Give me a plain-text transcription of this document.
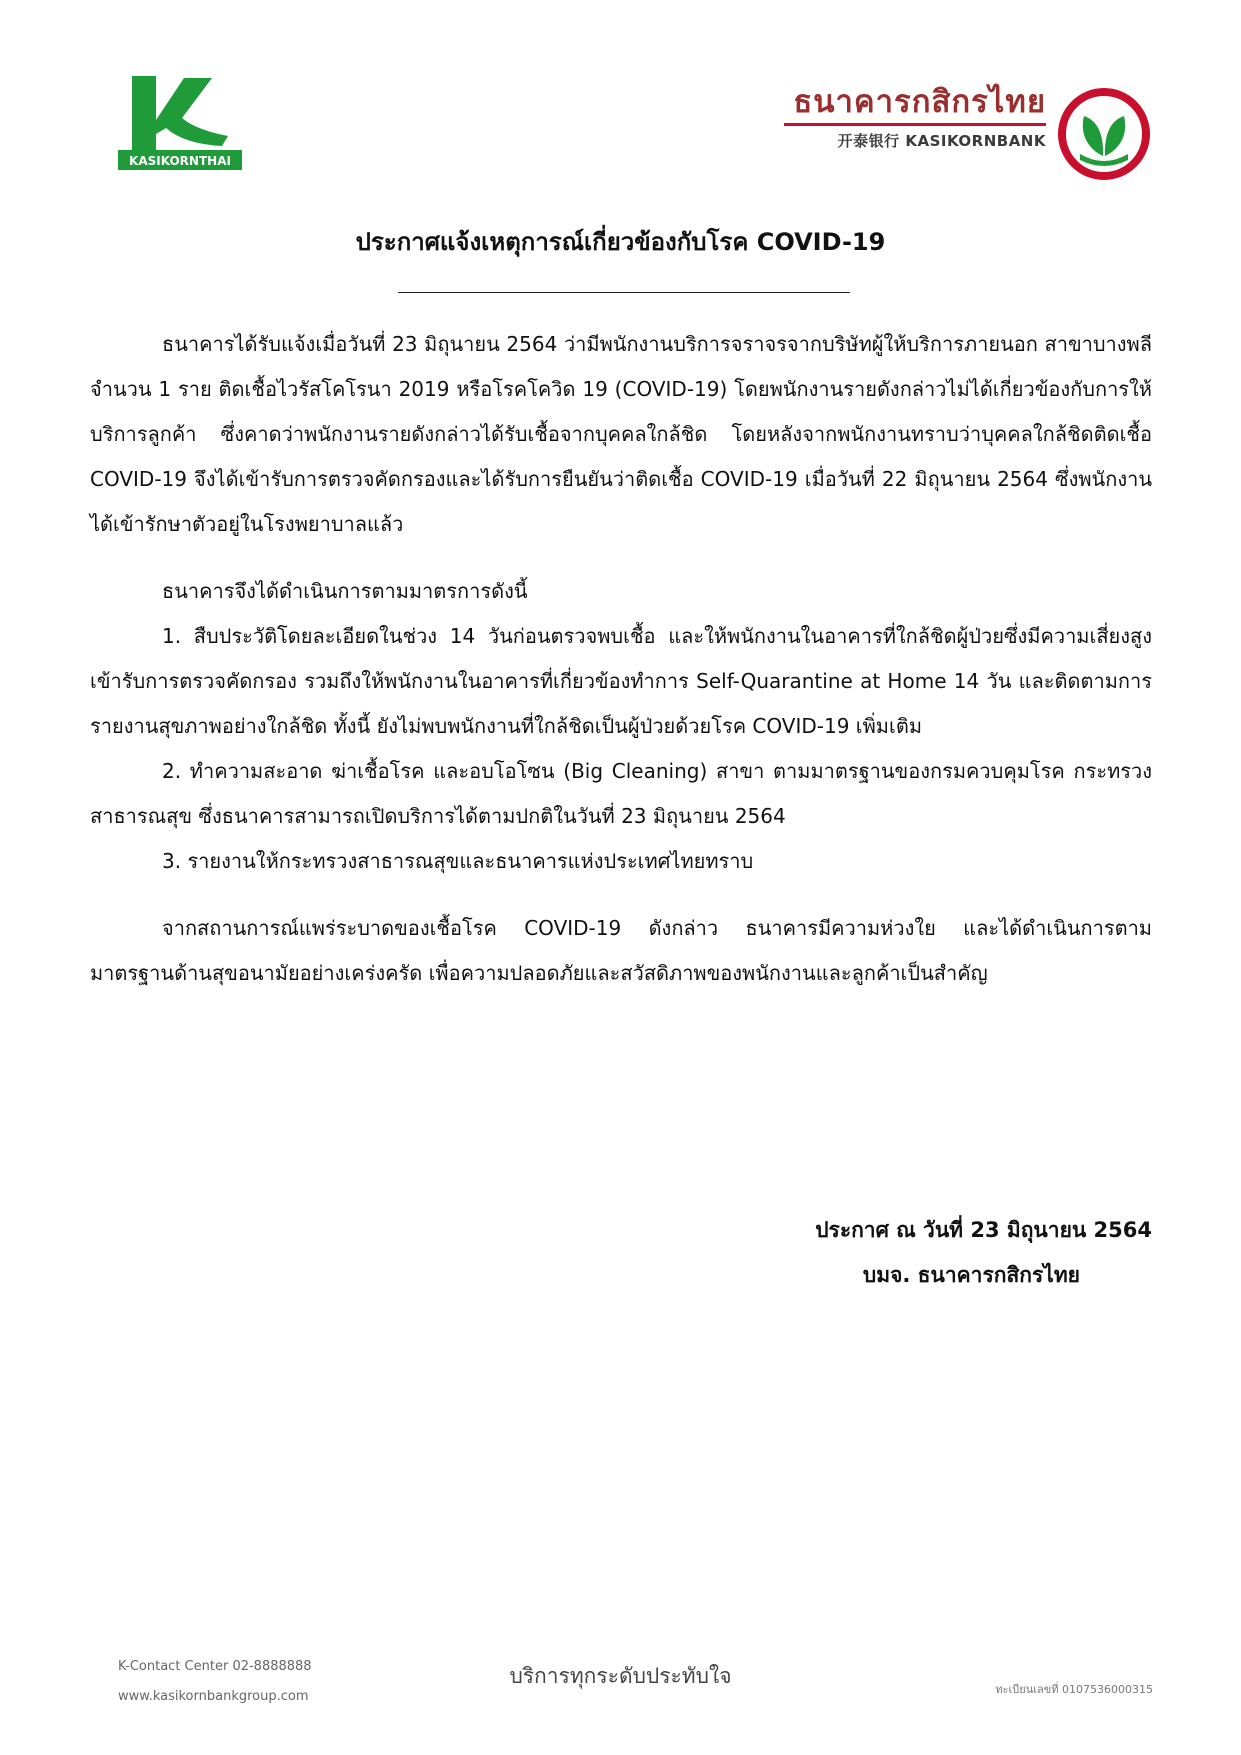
KASIKORNTHAI
ธนาคารกสิกรไทย
开泰银行 KASIKORNBANK
ประกาศแจ้งเหตุการณ์เกี่ยวข้องกับโรค COVID-19

ธนาคารได้รับแจ้งเมื่อวันที่ 23 มิถุนายน 2564 ว่ามีพนักงานบริการจราจรจากบริษัทผู้ให้บริการภายนอก สาขาบางพลี จำนวน 1 ราย ติดเชื้อไวรัสโคโรนา 2019 หรือโรคโควิด 19 (COVID-19) โดยพนักงานรายดังกล่าวไม่ได้เกี่ยวข้องกับการให้บริการลูกค้า ซึ่งคาดว่าพนักงานรายดังกล่าวได้รับเชื้อจากบุคคลใกล้ชิด โดยหลังจากพนักงานทราบว่าบุคคลใกล้ชิดติดเชื้อ COVID-19 จึงได้เข้ารับการตรวจคัดกรองและได้รับการยืนยันว่าติดเชื้อ COVID-19 เมื่อวันที่ 22 มิถุนายน 2564 ซึ่งพนักงานได้เข้ารักษาตัวอยู่ในโรงพยาบาลแล้ว

ธนาคารจึงได้ดำเนินการตามมาตรการดังนี้

1. สืบประวัติโดยละเอียดในช่วง 14 วันก่อนตรวจพบเชื้อ และให้พนักงานในอาคารที่ใกล้ชิดผู้ป่วยซึ่งมีความเสี่ยงสูงเข้ารับการตรวจคัดกรอง รวมถึงให้พนักงานในอาคารที่เกี่ยวข้องทำการ Self-Quarantine at Home 14 วัน และติดตามการรายงานสุขภาพอย่างใกล้ชิด ทั้งนี้ ยังไม่พบพนักงานที่ใกล้ชิดเป็นผู้ป่วยด้วยโรค COVID-19 เพิ่มเติม

2. ทำความสะอาด ฆ่าเชื้อโรค และอบโอโซน (Big Cleaning) สาขา ตามมาตรฐานของกรมควบคุมโรค กระทรวงสาธารณสุข ซึ่งธนาคารสามารถเปิดบริการได้ตามปกติในวันที่ 23 มิถุนายน 2564

3. รายงานให้กระทรวงสาธารณสุขและธนาคารแห่งประเทศไทยทราบ

จากสถานการณ์แพร่ระบาดของเชื้อโรค COVID-19 ดังกล่าว ธนาคารมีความห่วงใย และได้ดำเนินการตามมาตรฐานด้านสุขอนามัยอย่างเคร่งครัด เพื่อความปลอดภัยและสวัสดิภาพของพนักงานและลูกค้าเป็นสำคัญ

ประกาศ ณ วันที่ 23 มิถุนายน 2564
บมจ. ธนาคารกสิกรไทย
K-Contact Center 02-8888888
www.kasikornbankgroup.com
บริการทุกระดับประทับใจ
ทะเบียนเลขที่ 0107536000315
